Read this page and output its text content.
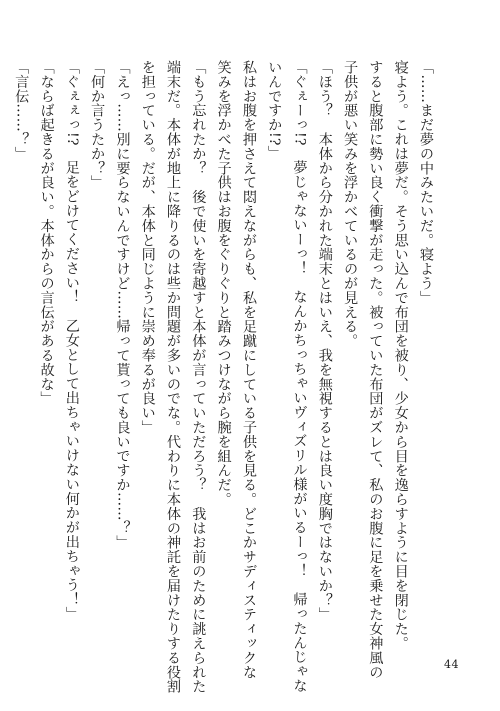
「……まだ夢の中みたいだ。寝よう」
寝よう。これは夢だ。そう思い込んで布団を被り、少女から目を逸らすように目を閉じた。
すると腹部に勢い良く衝撃が走った。被っていた布団がズレて、私のお腹に足を乗せた女神風の
子供が悪い笑みを浮かべているのが見える。
「ほう？　本体から分かれた端末とはいえ、我を無視するとは良い度胸ではないか？」
「ぐぇーっ!?　夢じゃないーっ！　なんかちっちゃいヴィズリル様がいるーっ！　帰ったんじゃな
いんですか!?」
私はお腹を押さえて悶えながらも、私を足蹴にしている子供を見る。どこかサディスティックな
笑みを浮かべた子供はお腹をぐりぐりと踏みつけながら腕を組んだ。
「もう忘れたか？　後で使いを寄越すと本体が言っていただろう？　我はお前のために誂えられた
端末だ。本体が地上に降りるのは些か問題が多いのでな。代わりに本体の神託を届けたりする役割
を担っている。だが、本体と同じように崇め奉るが良い」
「えっ……別に要らないんですけど……帰って貰っても良いですか……？」
「何か言うたか？」
「ぐぇぇっ!?　足をどけてください！　乙女として出ちゃいけない何かが出ちゃう！」
「ならば起きるが良い。本体からの言伝がある故な」
「言伝……？」
44
